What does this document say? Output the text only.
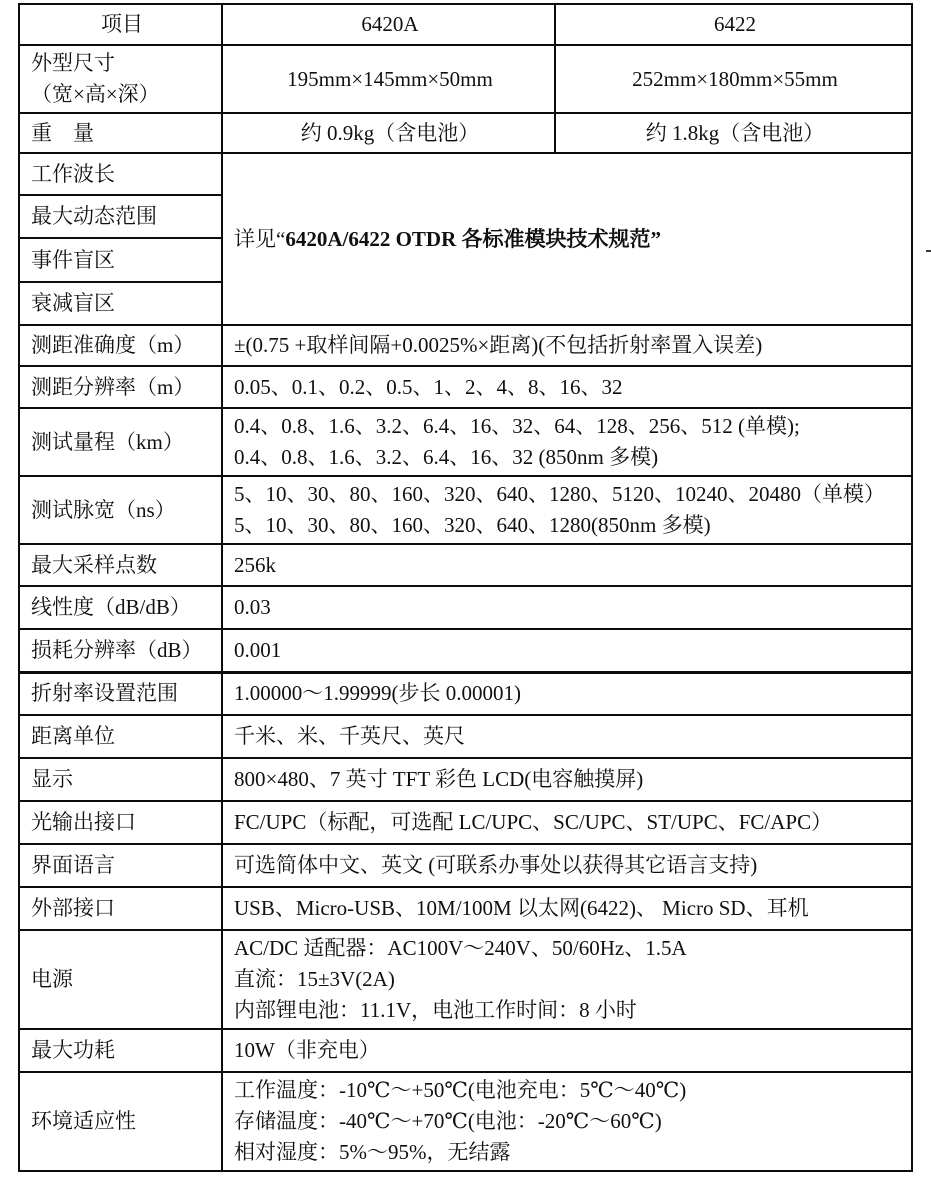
项目	6420A	6422

外型尺寸
（宽×高×深）	195mm×145mm×50mm	252mm×180mm×55mm
重　量	约 0.9kg（含电池）	约 1.8kg（含电池）
工作波长	详见“6420A/6422 OTDR 各标准模块技术规范”	
最大动态范围		
事件盲区		
衰减盲区		
测距准确度（m）	±(0.75 +取样间隔+0.0025%×距离)(不包括折射率置入误差)	

测距分辨率（m）	0.05、0.1、0.2、0.5、1、2、4、8、16、32	

测试量程（km）	0.4、0.8、1.6、3.2、6.4、16、32、64、128、256、512 (单模);
0.4、0.8、1.6、3.2、6.4、16、32 (850nm 多模)	

测试脉宽（ns）	5、10、30、80、160、320、640、1280、5120、10240、20480（单模）
5、10、30、80、160、320、640、1280(850nm 多模)	

最大采样点数	256k	

线性度（dB/dB）	0.03	

损耗分辨率（dB）	0.001	

折射率设置范围	1.00000～1.99999(步长 0.00001)	

距离单位	千米、米、千英尺、英尺	

显示	800×480、7 英寸 TFT 彩色 LCD(电容触摸屏)	

光输出接口	FC/UPC（标配，可选配 LC/UPC、SC/UPC、ST/UPC、FC/APC）	

界面语言	可选简体中文、英文 (可联系办事处以获得其它语言支持)	

外部接口	USB、Micro-USB、10M/100M 以太网(6422)、 Micro SD、耳机	

电源	AC/DC 适配器：AC100V～240V、50/60Hz、1.5A
直流：15±3V(2A)
内部锂电池：11.1V，电池工作时间：8 小时	

最大功耗	10W（非充电）	

环境适应性	工作温度：-10℃～+50℃(电池充电：5℃～40℃)
存储温度：-40℃～+70℃(电池：-20℃～60℃)
相对湿度：5%～95%，无结露	
